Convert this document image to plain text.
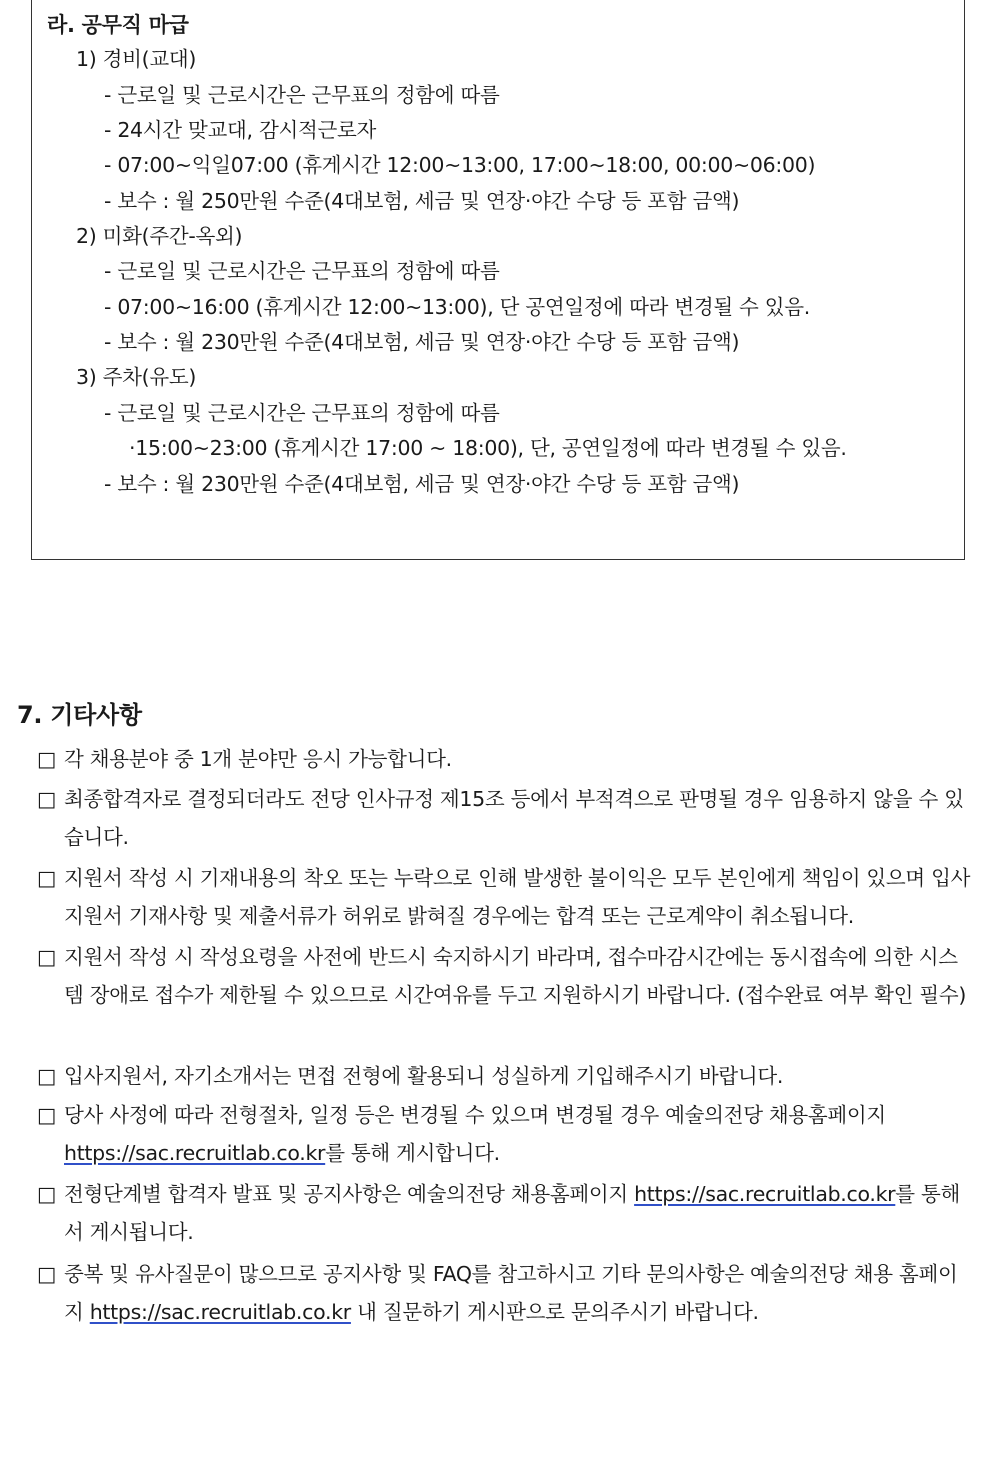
라. 공무직 마급
1) 경비(교대)
- 근로일 및 근로시간은 근무표의 정함에 따름
- 24시간 맞교대, 감시적근로자
- 07:00~익일07:00 (휴게시간 12:00~13:00, 17:00~18:00, 00:00~06:00)
- 보수 : 월 250만원 수준(4대보험, 세금 및 연장·야간 수당 등 포함 금액)
2) 미화(주간-옥외)
- 근로일 및 근로시간은 근무표의 정함에 따름
- 07:00~16:00 (휴게시간 12:00~13:00), 단 공연일정에 따라 변경될 수 있음.
- 보수 : 월 230만원 수준(4대보험, 세금 및 연장·야간 수당 등 포함 금액)
3) 주차(유도)
- 근로일 및 근로시간은 근무표의 정함에 따름
·15:00~23:00 (휴게시간 17:00 ~ 18:00), 단, 공연일정에 따라 변경될 수 있음.
- 보수 : 월 230만원 수준(4대보험, 세금 및 연장·야간 수당 등 포함 금액)
7. 기타사항
□ 각 채용분야 중 1개 분야만 응시 가능합니다.
□ 최종합격자로 결정되더라도 전당 인사규정 제15조 등에서 부적격으로 판명될 경우 임용하지 않을 수 있습니다.
□ 지원서 작성 시 기재내용의 착오 또는 누락으로 인해 발생한 불이익은 모두 본인에게 책임이 있으며 입사지원서 기재사항 및 제출서류가 허위로 밝혀질 경우에는 합격 또는 근로계약이 취소됩니다.
□ 지원서 작성 시 작성요령을 사전에 반드시 숙지하시기 바라며, 접수마감시간에는 동시접속에 의한 시스템 장애로 접수가 제한될 수 있으므로 시간여유를 두고 지원하시기 바랍니다. (접수완료 여부 확인 필수)
□ 입사지원서, 자기소개서는 면접 전형에 활용되니 성실하게 기입해주시기 바랍니다.
□ 당사 사정에 따라 전형절차, 일정 등은 변경될 수 있으며 변경될 경우 예술의전당 채용홈페이지 https://sac.recruitlab.co.kr를 통해 게시합니다.
□ 전형단계별 합격자 발표 및 공지사항은 예술의전당 채용홈페이지 https://sac.recruitlab.co.kr를 통해서 게시됩니다.
□ 중복 및 유사질문이 많으므로 공지사항 및 FAQ를 참고하시고 기타 문의사항은 예술의전당 채용 홈페이지 https://sac.recruitlab.co.kr 내 질문하기 게시판으로 문의주시기 바랍니다.
